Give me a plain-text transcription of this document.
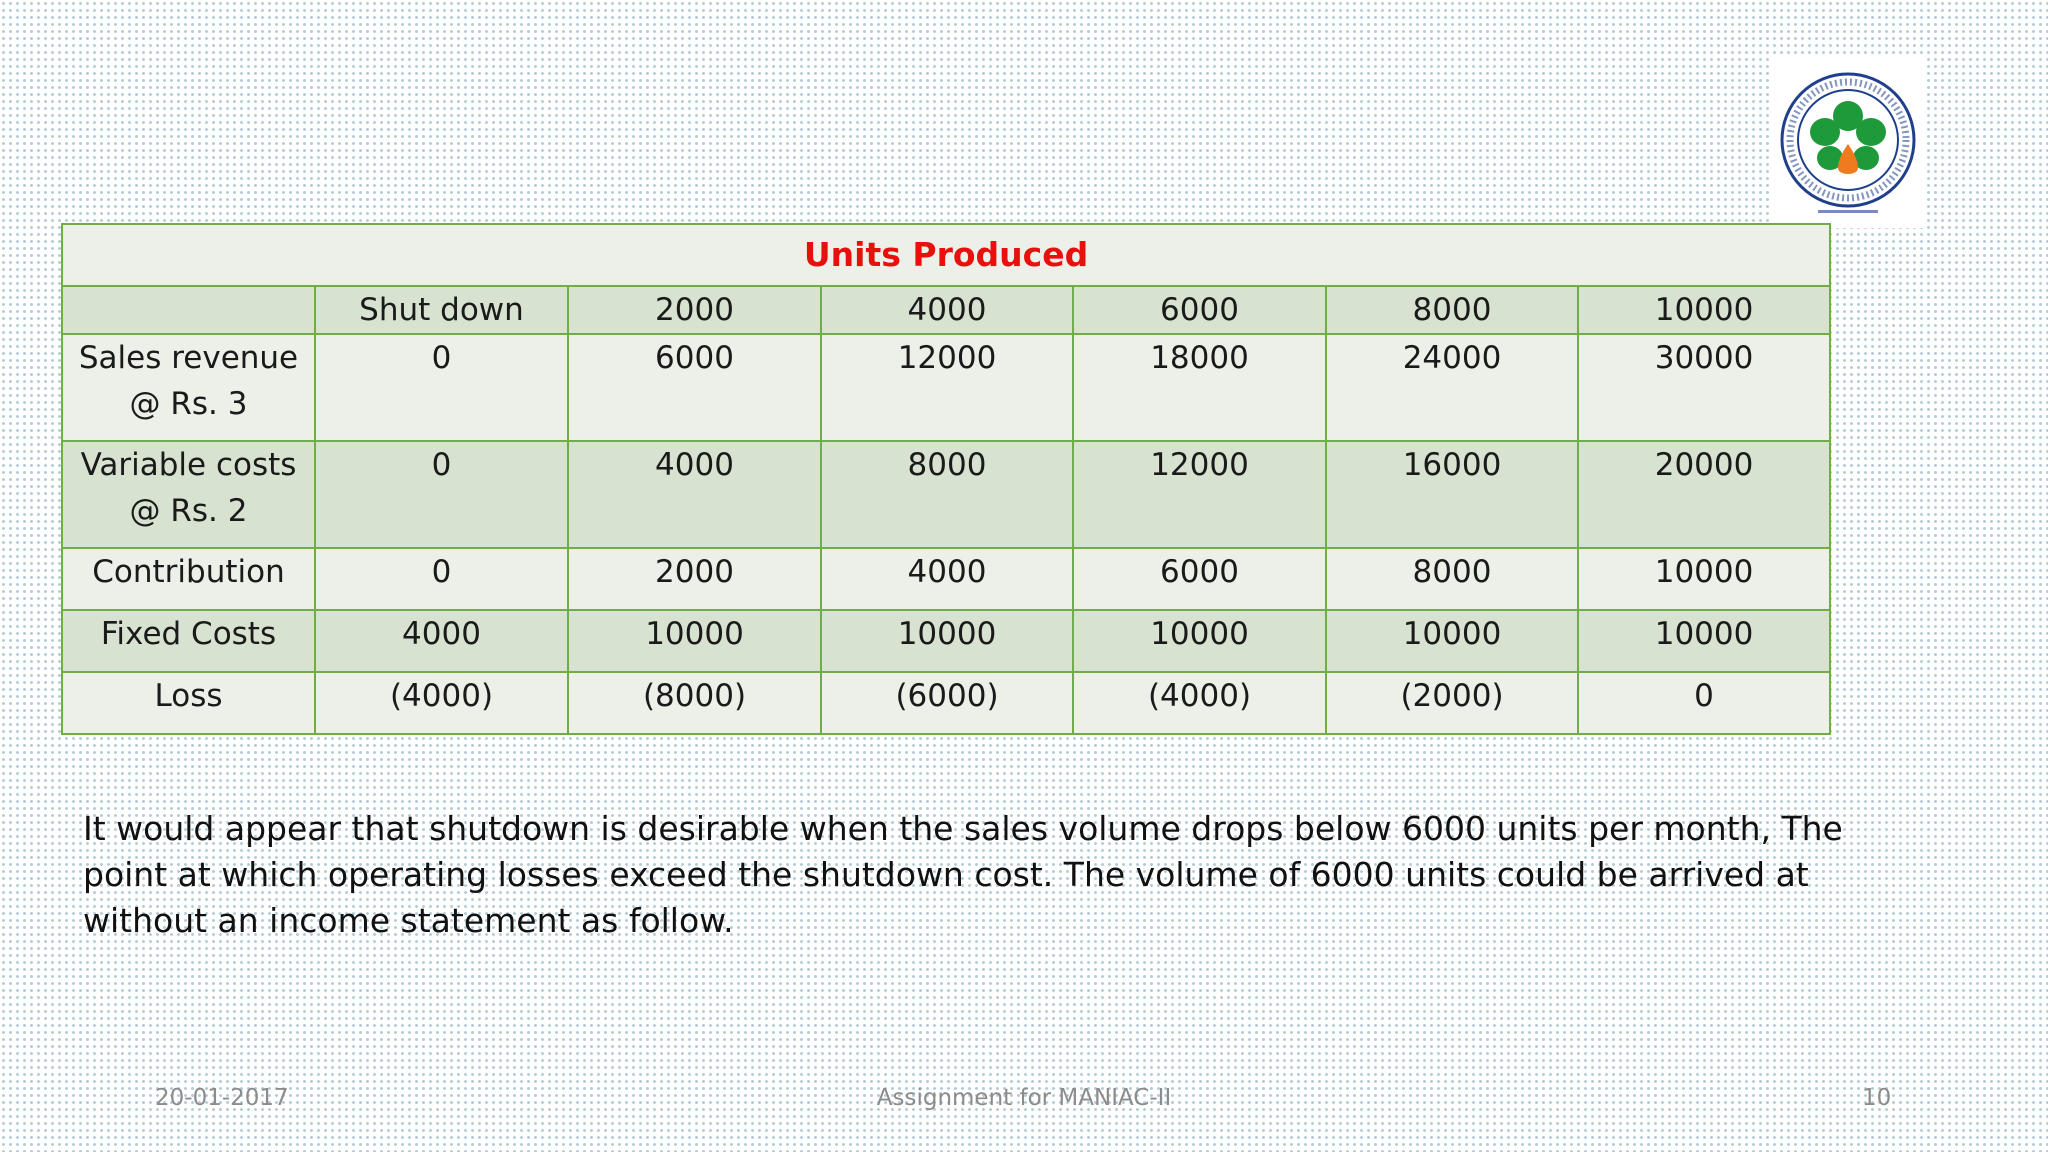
Units Produced						
	Shut down	2000	4000	6000	8000	10000

Sales revenue
@ Rs. 3	0	6000	12000	18000	24000	30000

Variable costs
@ Rs. 2	0	4000	8000	12000	16000	20000
Contribution	0	2000	4000	6000	8000	10000
Fixed Costs	4000	10000	10000	10000	10000	10000
Loss	(4000)	(8000)	(6000)	(4000)	(2000)	0

It would appear that shutdown is desirable when the sales volume drops below 6000 units per month, The point at which operating losses exceed the shutdown cost. The volume of 6000 units could be arrived at without an income statement as follow.

20-01-2017	Assignment for MANIAC-II	10
